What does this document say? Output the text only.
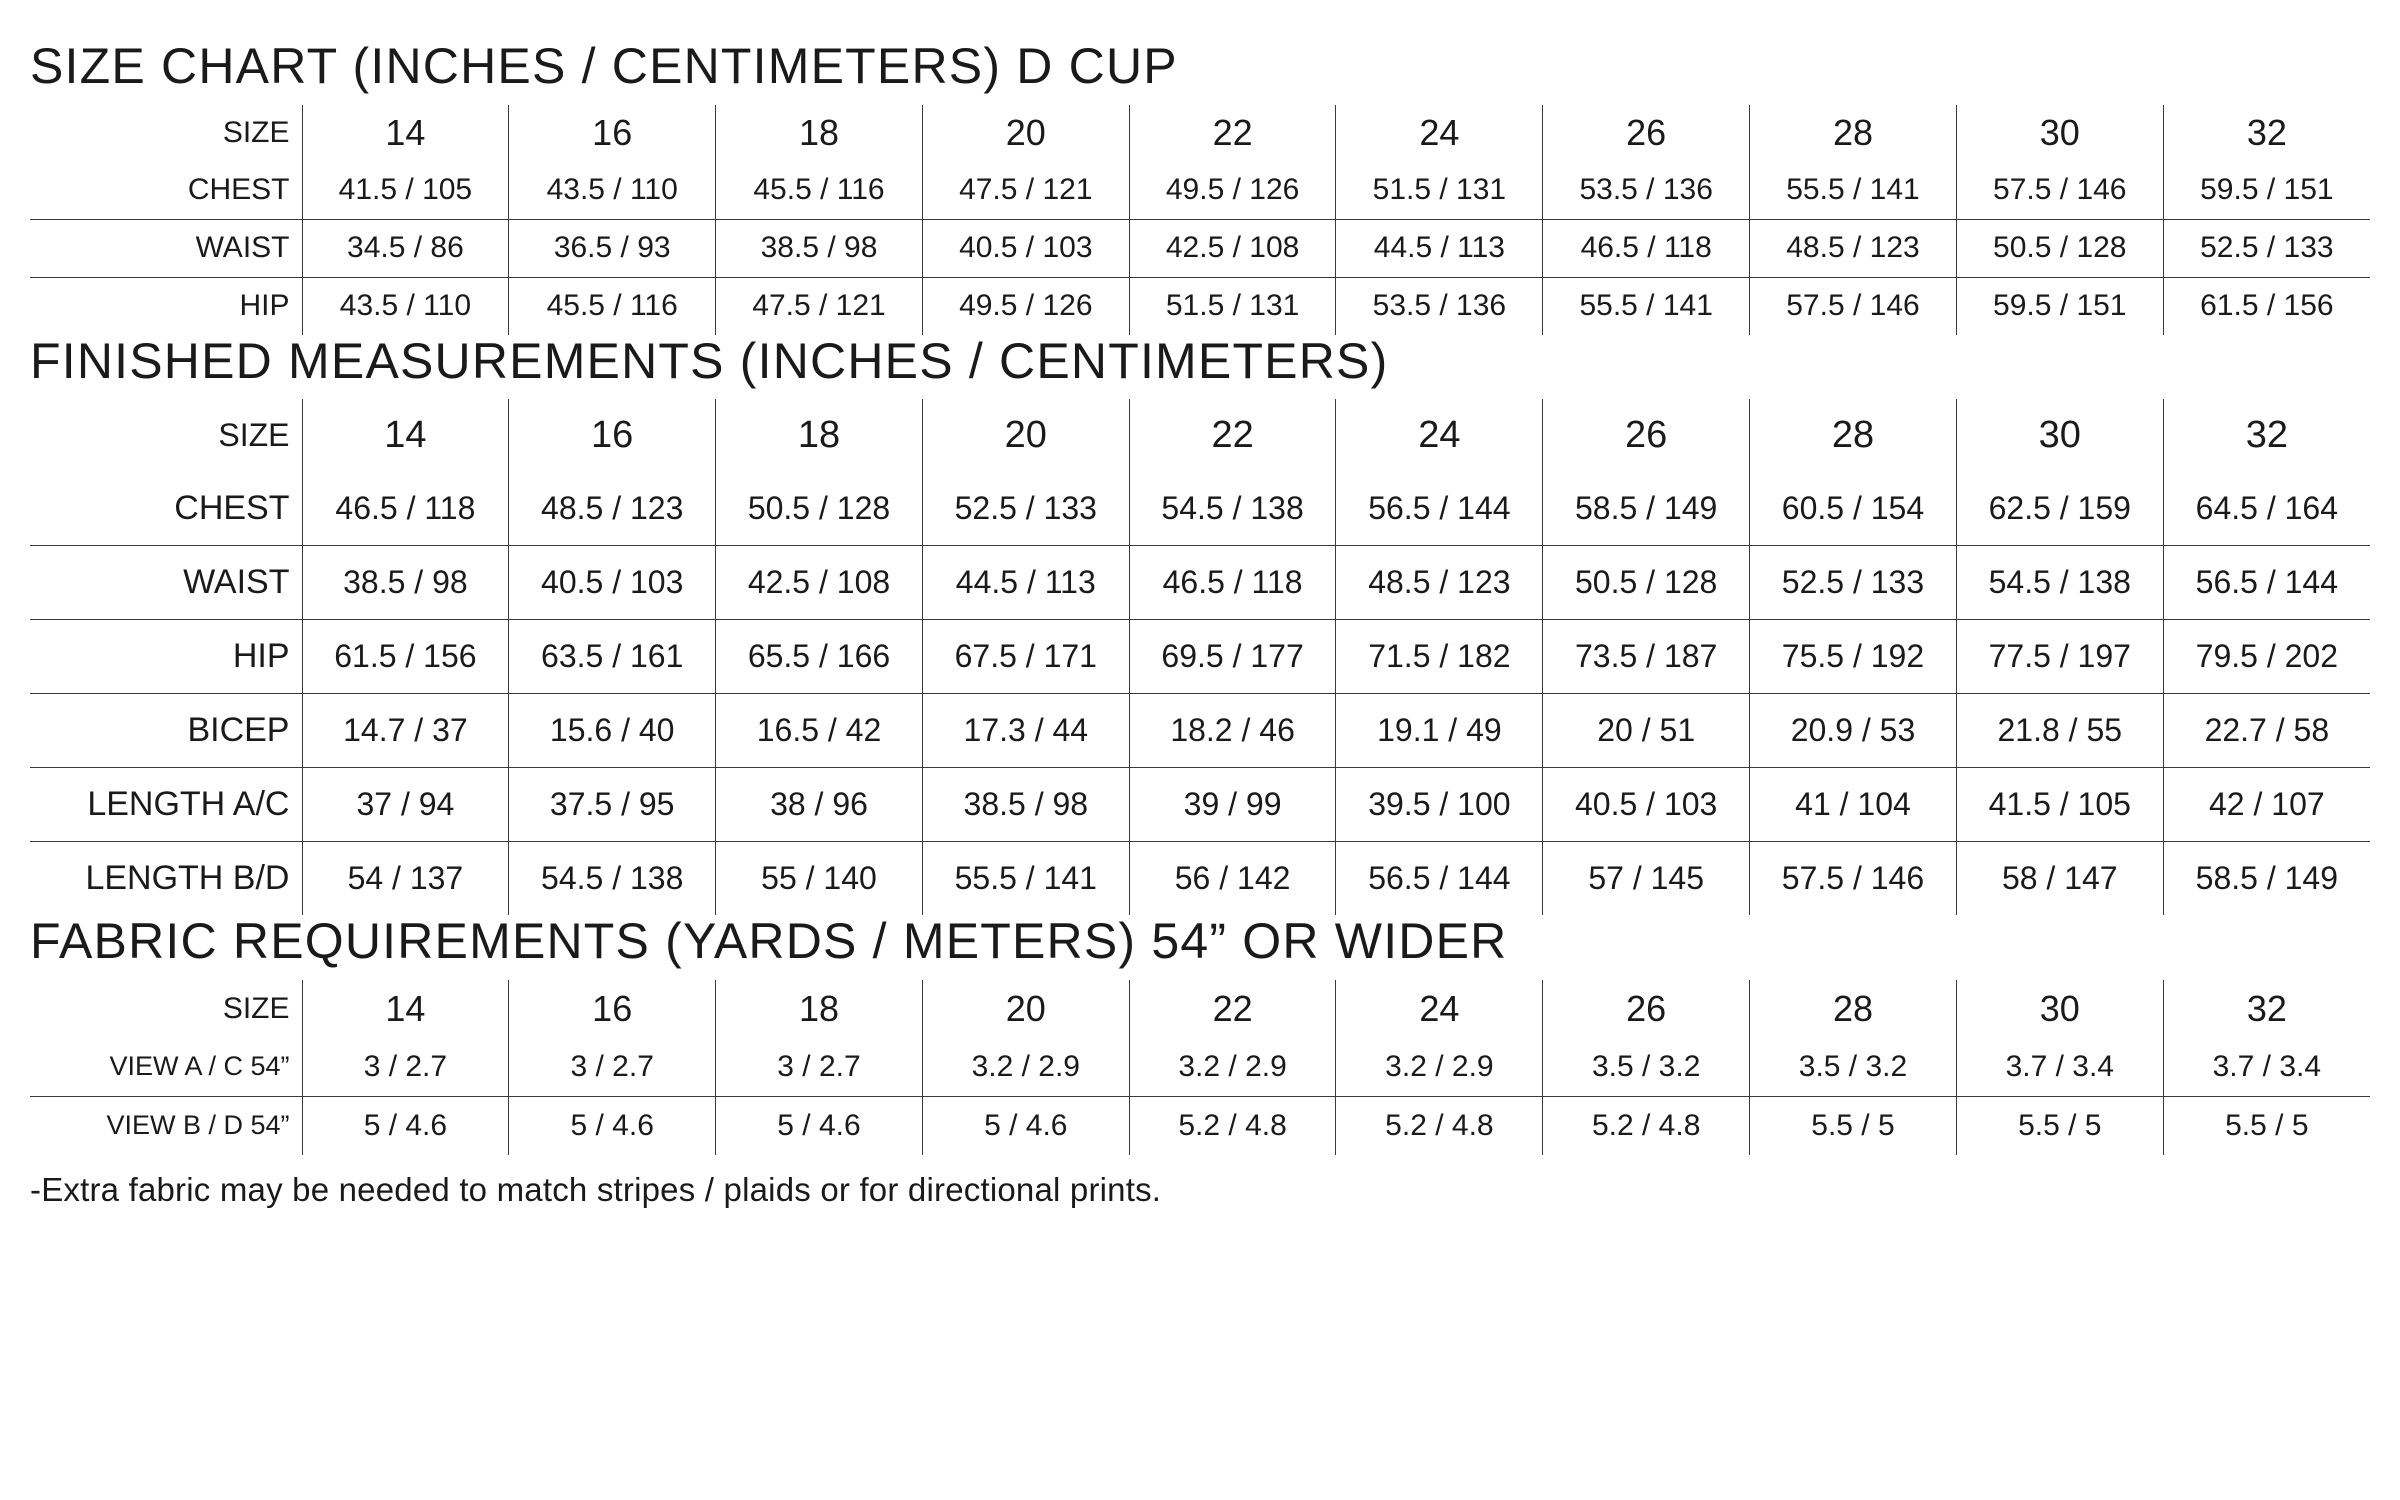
SIZE CHART (INCHES / CENTIMETERS) D CUP
SIZE	14	16	18	20	22	24	26	28	30	32
CHEST	41.5 / 105	43.5 / 110	45.5 / 116	47.5 / 121	49.5 / 126	51.5 / 131	53.5 / 136	55.5 / 141	57.5 / 146	59.5 / 151
WAIST	34.5 / 86	36.5 / 93	38.5 / 98	40.5 / 103	42.5 / 108	44.5 / 113	46.5 / 118	48.5 / 123	50.5 / 128	52.5 / 133
HIP	43.5 / 110	45.5 / 116	47.5 / 121	49.5 / 126	51.5 / 131	53.5 / 136	55.5 / 141	57.5 / 146	59.5 / 151	61.5 / 156
FINISHED MEASUREMENTS (INCHES / CENTIMETERS)
SIZE	14	16	18	20	22	24	26	28	30	32
CHEST	46.5 / 118	48.5 / 123	50.5 / 128	52.5 / 133	54.5 / 138	56.5 / 144	58.5 / 149	60.5 / 154	62.5 / 159	64.5 / 164
WAIST	38.5 / 98	40.5 / 103	42.5 / 108	44.5 / 113	46.5 / 118	48.5 / 123	50.5 / 128	52.5 / 133	54.5 / 138	56.5 / 144
HIP	61.5 / 156	63.5 / 161	65.5 / 166	67.5 / 171	69.5 / 177	71.5 / 182	73.5 / 187	75.5 / 192	77.5 / 197	79.5 / 202
BICEP	14.7 / 37	15.6 / 40	16.5 / 42	17.3 / 44	18.2 / 46	19.1 / 49	20 / 51	20.9 / 53	21.8 / 55	22.7 / 58
LENGTH A/C	37 / 94	37.5 / 95	38 / 96	38.5 / 98	39 / 99	39.5 / 100	40.5 / 103	41 / 104	41.5 / 105	42 / 107
LENGTH B/D	54 / 137	54.5 / 138	55 / 140	55.5 / 141	56 / 142	56.5 / 144	57 / 145	57.5 / 146	58 / 147	58.5 / 149
FABRIC REQUIREMENTS (YARDS / METERS) 54” OR WIDER
SIZE	14	16	18	20	22	24	26	28	30	32
VIEW A / C 54”	3 / 2.7	3 / 2.7	3 / 2.7	3.2 / 2.9	3.2 / 2.9	3.2 / 2.9	3.5 / 3.2	3.5 / 3.2	3.7 / 3.4	3.7 / 3.4
VIEW B / D 54”	5 / 4.6	5 / 4.6	5 / 4.6	5 / 4.6	5.2 / 4.8	5.2 / 4.8	5.2 / 4.8	5.5 / 5	5.5 / 5	5.5 / 5
-Extra fabric may be needed to match stripes / plaids or for directional prints.
